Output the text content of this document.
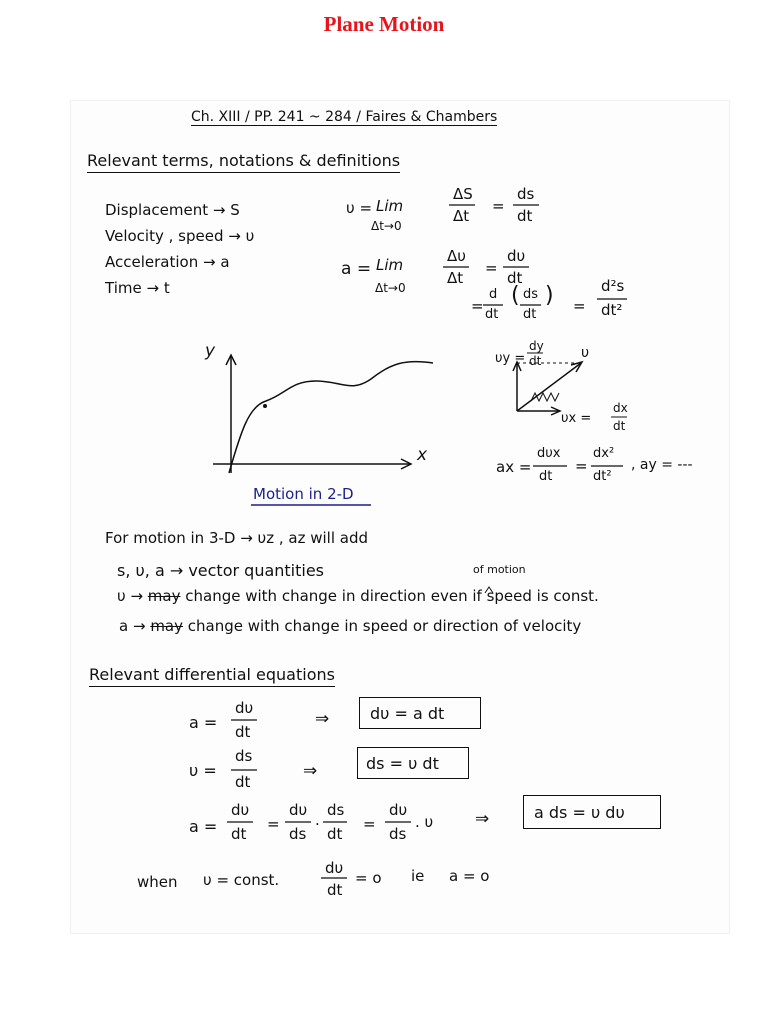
Plane Motion
Ch. XIII / PP. 241 ~ 284 / Faires & Chambers
Relevant terms, notations & definitions
Displacement → S
Velocity , speed → υ
Acceleration → a
Time → t
υ = Lim
Δt→0
ΔS
Δt
=
ds
dt
a = Lim
Δt→0
Δυ
Δt
=
dυ
dt
=
d
dt
( ds
dt
) =
d²s
dt²
y
x
Motion in 2-D
υy =
dy
dt	υ
υx =
dx
dt
ax =
dυx
dt
=
dx²
dt²
, ay = ---
For motion in 3-D → υz , az will add
s, υ, a → vector quantities	of motion
υ → may change with change in direction even if speed is const.
a → may change with change in speed or direction of velocity
Relevant differential equations
a =
dυ
dt
⇒	dυ = a dt
υ =
ds
dt
⇒	ds = υ dt
a =
dυ
dt
=
dυ
ds
.
ds
dt
=
dυ
ds
. υ ⇒	a ds = υ dυ
when υ = const.
dυ
dt
= o ie a = o
